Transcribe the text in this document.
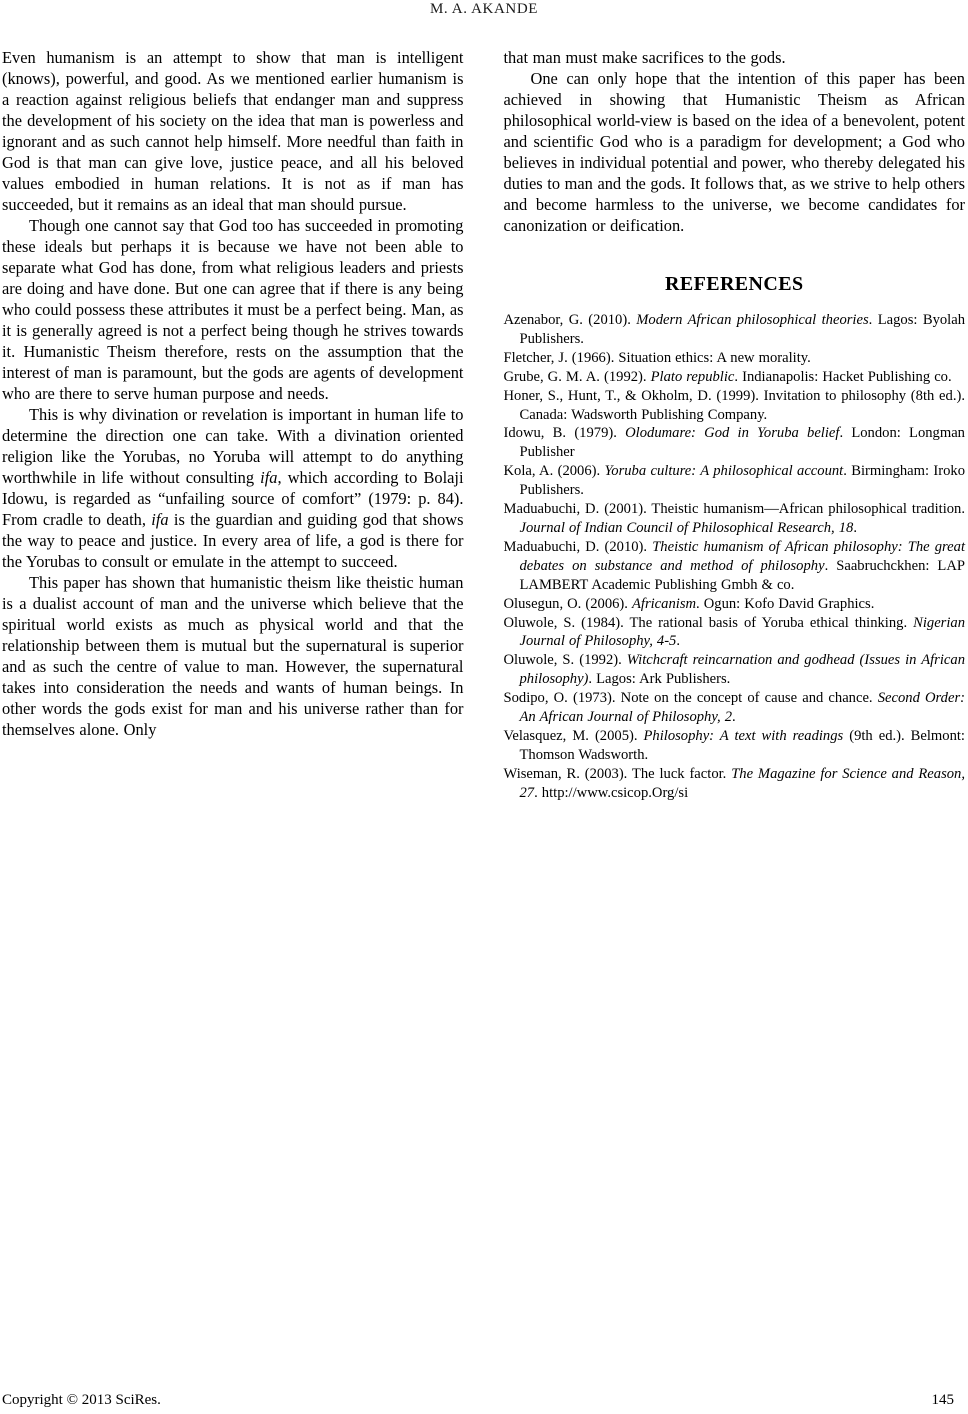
M. A. AKANDE

Even humanism is an attempt to show that man is intelligent (knows), powerful, and good. As we mentioned earlier humanism is a reaction against religious beliefs that endanger man and suppress the development of his society on the idea that man is powerless and ignorant and as such cannot help himself. More needful than faith in God is that man can give love, justice peace, and all his beloved values embodied in human relations. It is not as if man has succeeded, but it remains as an ideal that man should pursue.

Though one cannot say that God too has succeeded in promoting these ideals but perhaps it is because we have not been able to separate what God has done, from what religious leaders and priests are doing and have done. But one can agree that if there is any being who could possess these attributes it must be a perfect being. Man, as it is generally agreed is not a perfect being though he strives towards it. Humanistic Theism therefore, rests on the assumption that the interest of man is paramount, but the gods are agents of development who are there to serve human purpose and needs.

This is why divination or revelation is important in human life to determine the direction one can take. With a divination oriented religion like the Yorubas, no Yoruba will attempt to do anything worthwhile in life without consulting ifa, which according to Bolaji Idowu, is regarded as “unfailing source of comfort” (1979: p. 84). From cradle to death, ifa is the guardian and guiding god that shows the way to peace and justice. In every area of life, a god is there for the Yorubas to consult or emulate in the attempt to succeed.

This paper has shown that humanistic theism like theistic human is a dualist account of man and the universe which believe that the spiritual world exists as much as physical world and that the relationship between them is mutual but the supernatural is superior and as such the centre of value to man. However, the supernatural takes into consideration the needs and wants of human beings. In other words the gods exist for man and his universe rather than for themselves alone. Only

that man must make sacrifices to the gods.

One can only hope that the intention of this paper has been achieved in showing that Humanistic Theism as African philosophical world-view is based on the idea of a benevolent, potent and scientific God who is a paradigm for development; a God who believes in individual potential and power, who thereby delegated his duties to man and the gods. It follows that, as we strive to help others and become harmless to the universe, we become candidates for canonization or deification.

REFERENCES

Azenabor, G. (2010). Modern African philosophical theories. Lagos: Byolah Publishers.

Fletcher, J. (1966). Situation ethics: A new morality.

Grube, G. M. A. (1992). Plato republic. Indianapolis: Hacket Publishing co.

Honer, S., Hunt, T., & Okholm, D. (1999). Invitation to philosophy (8th ed.). Canada: Wadsworth Publishing Company.

Idowu, B. (1979). Olodumare: God in Yoruba belief. London: Longman Publisher

Kola, A. (2006). Yoruba culture: A philosophical account. Birmingham: Iroko Publishers.

Maduabuchi, D. (2001). Theistic humanism—African philosophical tradition. Journal of Indian Council of Philosophical Research, 18.

Maduabuchi, D. (2010). Theistic humanism of African philosophy: The great debates on substance and method of philosophy. Saabruchckhen: LAP LAMBERT Academic Publishing Gmbh & co.

Olusegun, O. (2006). Africanism. Ogun: Kofo David Graphics.

Oluwole, S. (1984). The rational basis of Yoruba ethical thinking. Nigerian Journal of Philosophy, 4-5.

Oluwole, S. (1992). Witchcraft reincarnation and godhead (Issues in African philosophy). Lagos: Ark Publishers.

Sodipo, O. (1973). Note on the concept of cause and chance. Second Order: An African Journal of Philosophy, 2.

Velasquez, M. (2005). Philosophy: A text with readings (9th ed.). Belmont: Thomson Wadsworth.

Wiseman, R. (2003). The luck factor. The Magazine for Science and Reason, 27. http://www.csicop.Org/si

Copyright © 2013 SciRes.	145
